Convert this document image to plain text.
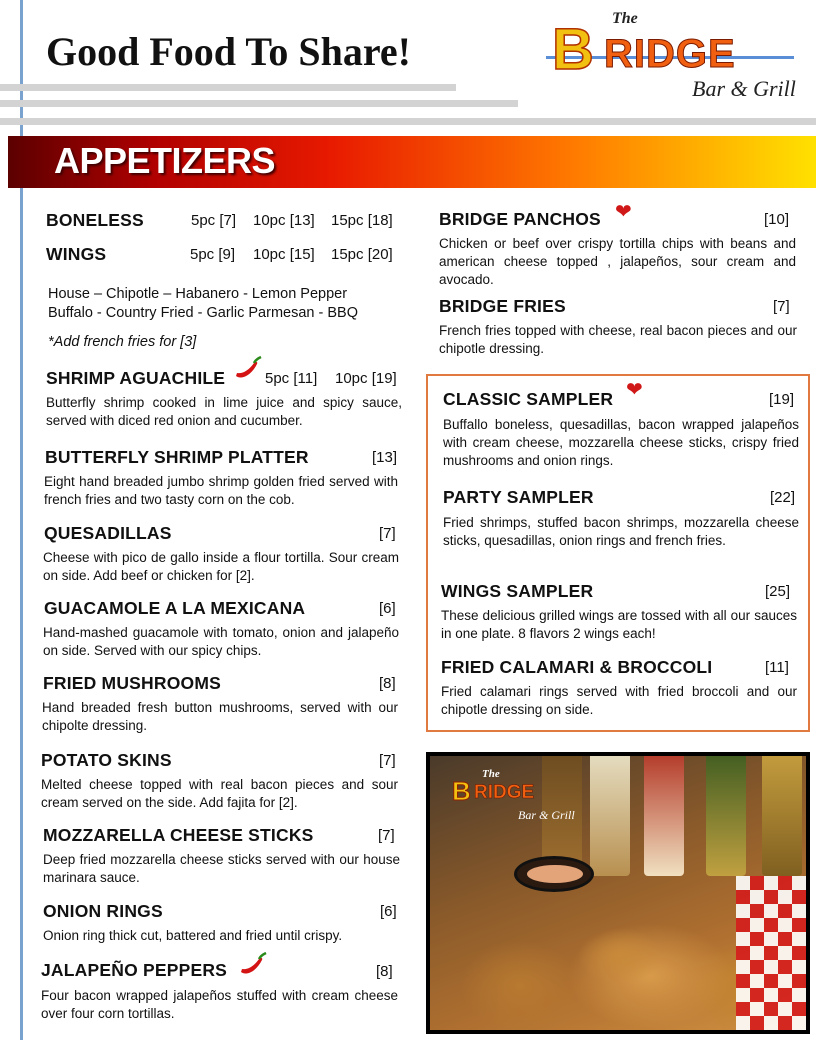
Good Food To Share!
The
B RIDGE
Bar & Grill
APPETIZERS
BONELESS	5pc [7] 10pc [13] 15pc [18]
WINGS	5pc [9] 10pc [15] 15pc [20]
House – Chipotle – Habanero - Lemon Pepper
Buffalo - Country Fried - Garlic Parmesan - BBQ
*Add french fries for [3]
SHRIMP AGUACHILE	5pc [11] 10pc [19]
Butterfly shrimp cooked in lime juice and spicy sauce, served with diced red onion and cucumber.
BUTTERFLY SHRIMP PLATTER	[13]
Eight hand breaded jumbo shrimp golden fried served with french fries and two tasty corn on the cob.
QUESADILLAS	[7]
Cheese with pico de gallo inside a flour tortilla. Sour cream on side. Add beef or chicken for [2].
GUACAMOLE A LA MEXICANA	[6]
Hand-mashed guacamole with tomato, onion and jalapeño on side. Served with our spicy chips.
FRIED MUSHROOMS	[8]
Hand breaded fresh button mushrooms, served with our chipolte dressing.
POTATO SKINS	[7]
Melted cheese topped with real bacon pieces and sour cream served on the side. Add fajita for [2].
MOZZARELLA CHEESE STICKS	[7]
Deep fried mozzarella cheese sticks served with our house marinara sauce.
ONION RINGS	[6]
Onion ring thick cut, battered and fried until crispy.
JALAPEÑO PEPPERS	[8]
Four bacon wrapped jalapeños stuffed with cream cheese over four corn tortillas.
BRIDGE PANCHOS ❤	[10]
Chicken or beef over crispy tortilla chips with beans and american cheese topped , jalapeños, sour cream and avocado.
BRIDGE FRIES	[7]
French fries topped with cheese, real bacon pieces and our chipotle dressing.
CLASSIC SAMPLER ❤	[19]
Buffallo boneless, quesadillas, bacon wrapped jalapeños with cream cheese, mozzarella cheese sticks, crispy fried mushrooms and onion rings.
PARTY SAMPLER	[22]
Fried shrimps, stuffed bacon shrimps, mozzarella cheese sticks, quesadillas, onion rings and french fries.
WINGS SAMPLER	[25]
These delicious grilled wings are tossed with all our sauces in one plate. 8 flavors 2 wings each!
FRIED CALAMARI & BROCCOLI	[11]
Fried calamari rings served with fried broccoli and our chipotle dressing on side.
The
B RIDGE
Bar & Grill
